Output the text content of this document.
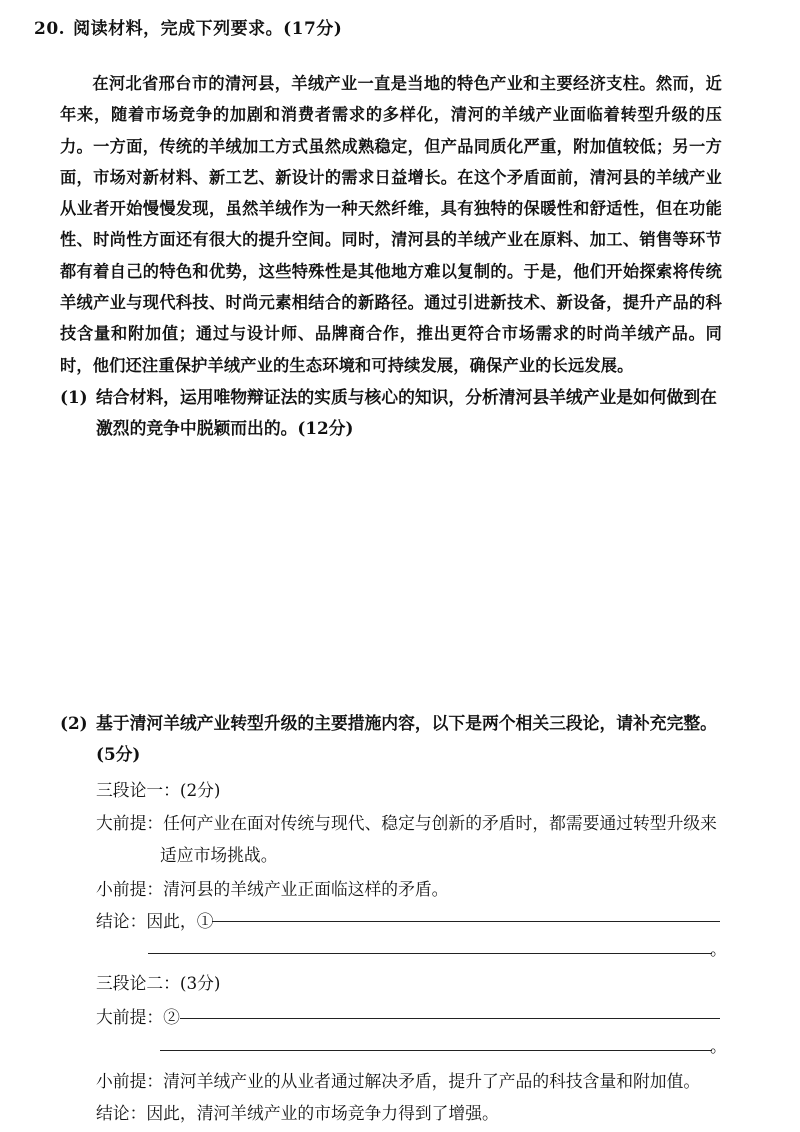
20. 阅读材料，完成下列要求。(17分)
在河北省邢台市的清河县，羊绒产业一直是当地的特色产业和主要经济支柱。然而，近年来，随着市场竞争的加剧和消费者需求的多样化，清河的羊绒产业面临着转型升级的压力。一方面，传统的羊绒加工方式虽然成熟稳定，但产品同质化严重，附加值较低；另一方面，市场对新材料、新工艺、新设计的需求日益增长。在这个矛盾面前，清河县的羊绒产业从业者开始慢慢发现，虽然羊绒作为一种天然纤维，具有独特的保暖性和舒适性，但在功能性、时尚性方面还有很大的提升空间。同时，清河县的羊绒产业在原料、加工、销售等环节都有着自己的特色和优势，这些特殊性是其他地方难以复制的。于是，他们开始探索将传统羊绒产业与现代科技、时尚元素相结合的新路径。通过引进新技术、新设备，提升产品的科技含量和附加值；通过与设计师、品牌商合作，推出更符合市场需求的时尚羊绒产品。同时，他们还注重保护羊绒产业的生态环境和可持续发展，确保产业的长远发展。
(1) 结合材料，运用唯物辩证法的实质与核心的知识，分析清河县羊绒产业是如何做到在激烈的竞争中脱颖而出的。(12分)
(2) 基于清河羊绒产业转型升级的主要措施内容，以下是两个相关三段论，请补充完整。(5分)
三段论一：(2分)
大前提：任何产业在面对传统与现代、稳定与创新的矛盾时，都需要通过转型升级来
适应市场挑战。
小前提：清河县的羊绒产业正面临这样的矛盾。
结论：因此，①
。
三段论二：(3分)
大前提：②
。
小前提：清河羊绒产业的从业者通过解决矛盾，提升了产品的科技含量和附加值。
结论：因此，清河羊绒产业的市场竞争力得到了增强。
